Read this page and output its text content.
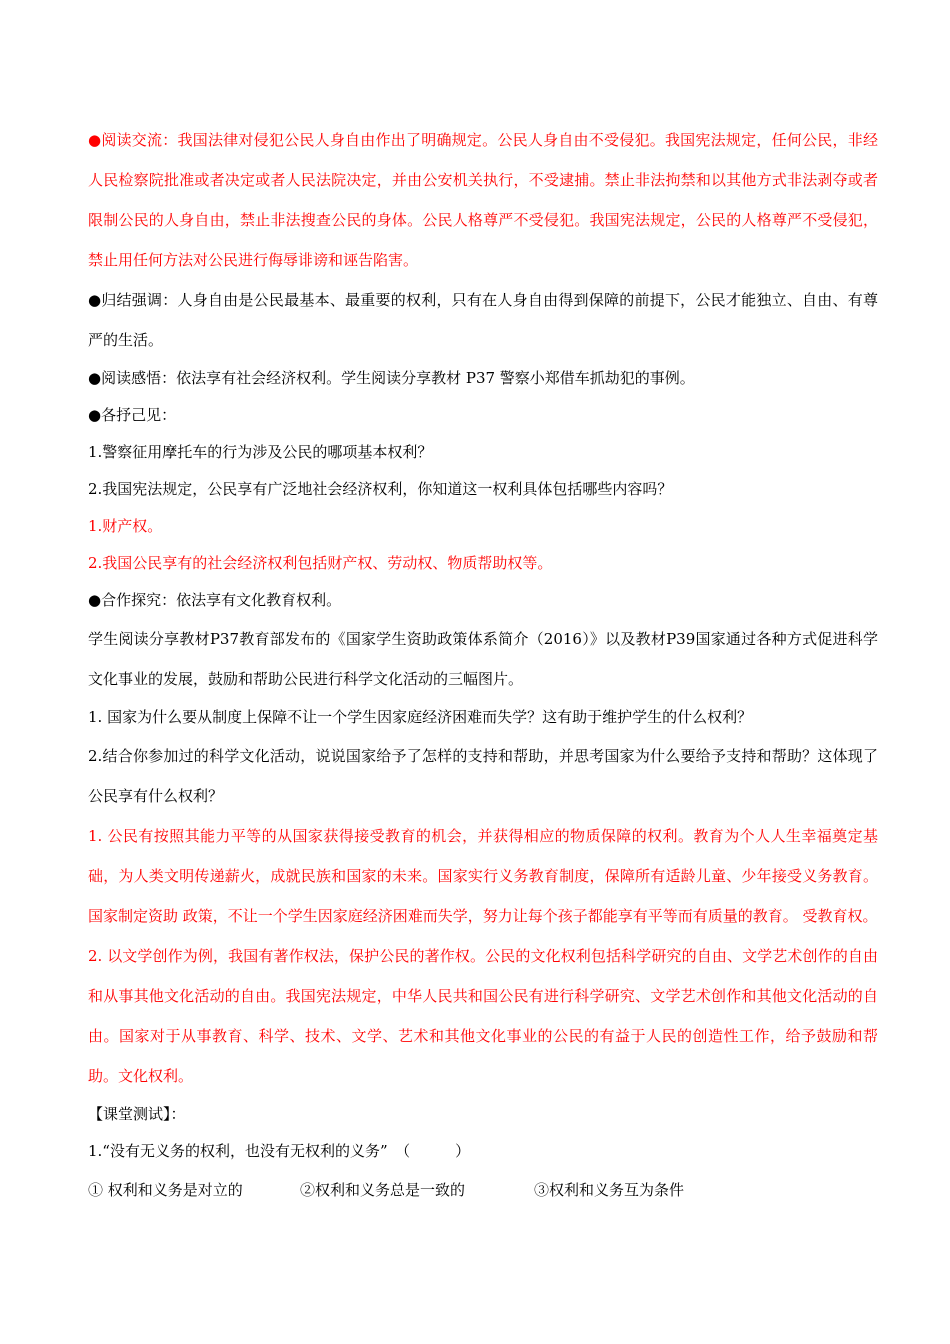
●阅读交流：我国法律对侵犯公民人身自由作出了明确规定。公民人身自由不受侵犯。我国宪法规定，任何公民，非经人民检察院批准或者决定或者人民法院决定，并由公安机关执行，不受逮捕。禁止非法拘禁和以其他方式非法剥夺或者限制公民的人身自由，禁止非法搜查公民的身体。公民人格尊严不受侵犯。我国宪法规定，公民的人格尊严不受侵犯，禁止用任何方法对公民进行侮辱诽谤和诬告陷害。

●归结强调：人身自由是公民最基本、最重要的权利，只有在人身自由得到保障的前提下，公民才能独立、自由、有尊严的生活。

●阅读感悟：依法享有社会经济权利。学生阅读分享教材 P37 警察小郑借车抓劫犯的事例。

●各抒己见：

1.警察征用摩托车的行为涉及公民的哪项基本权利？

2.我国宪法规定，公民享有广泛地社会经济权利，你知道这一权利具体包括哪些内容吗？

1.财产权。

2.我国公民享有的社会经济权利包括财产权、劳动权、物质帮助权等。

●合作探究：依法享有文化教育权利。

学生阅读分享教材P37教育部发布的《国家学生资助政策体系简介（2016）》以及教材P39国家通过各种方式促进科学文化事业的发展，鼓励和帮助公民进行科学文化活动的三幅图片。

1. 国家为什么要从制度上保障不让一个学生因家庭经济困难而失学？这有助于维护学生的什么权利？

2.结合你参加过的科学文化活动，说说国家给予了怎样的支持和帮助，并思考国家为什么要给予支持和帮助？这体现了公民享有什么权利？

1. 公民有按照其能力平等的从国家获得接受教育的机会，并获得相应的物质保障的权利。教育为个人人生幸福奠定基础，为人类文明传递薪火，成就民族和国家的未来。国家实行义务教育制度，保障所有适龄儿童、少年接受义务教育。国家制定资助 政策，不让一个学生因家庭经济困难而失学，努力让每个孩子都能享有平等而有质量的教育。 受教育权。

2. 以文学创作为例，我国有著作权法，保护公民的著作权。公民的文化权利包括科学研究的自由、文学艺术创作的自由和从事其他文化活动的自由。我国宪法规定，中华人民共和国公民有进行科学研究、文学艺术创作和其他文化活动的自由。国家对于从事教育、科学、技术、文学、艺术和其他文化事业的公民的有益于人民的创造性工作，给予鼓励和帮助。文化权利。

【课堂测试】：

1.“没有无义务的权利，也没有无权利的义务”　（　　　）

① 权利和义务是对立的	②权利和义务总是一致的	③权利和义务互为条件
